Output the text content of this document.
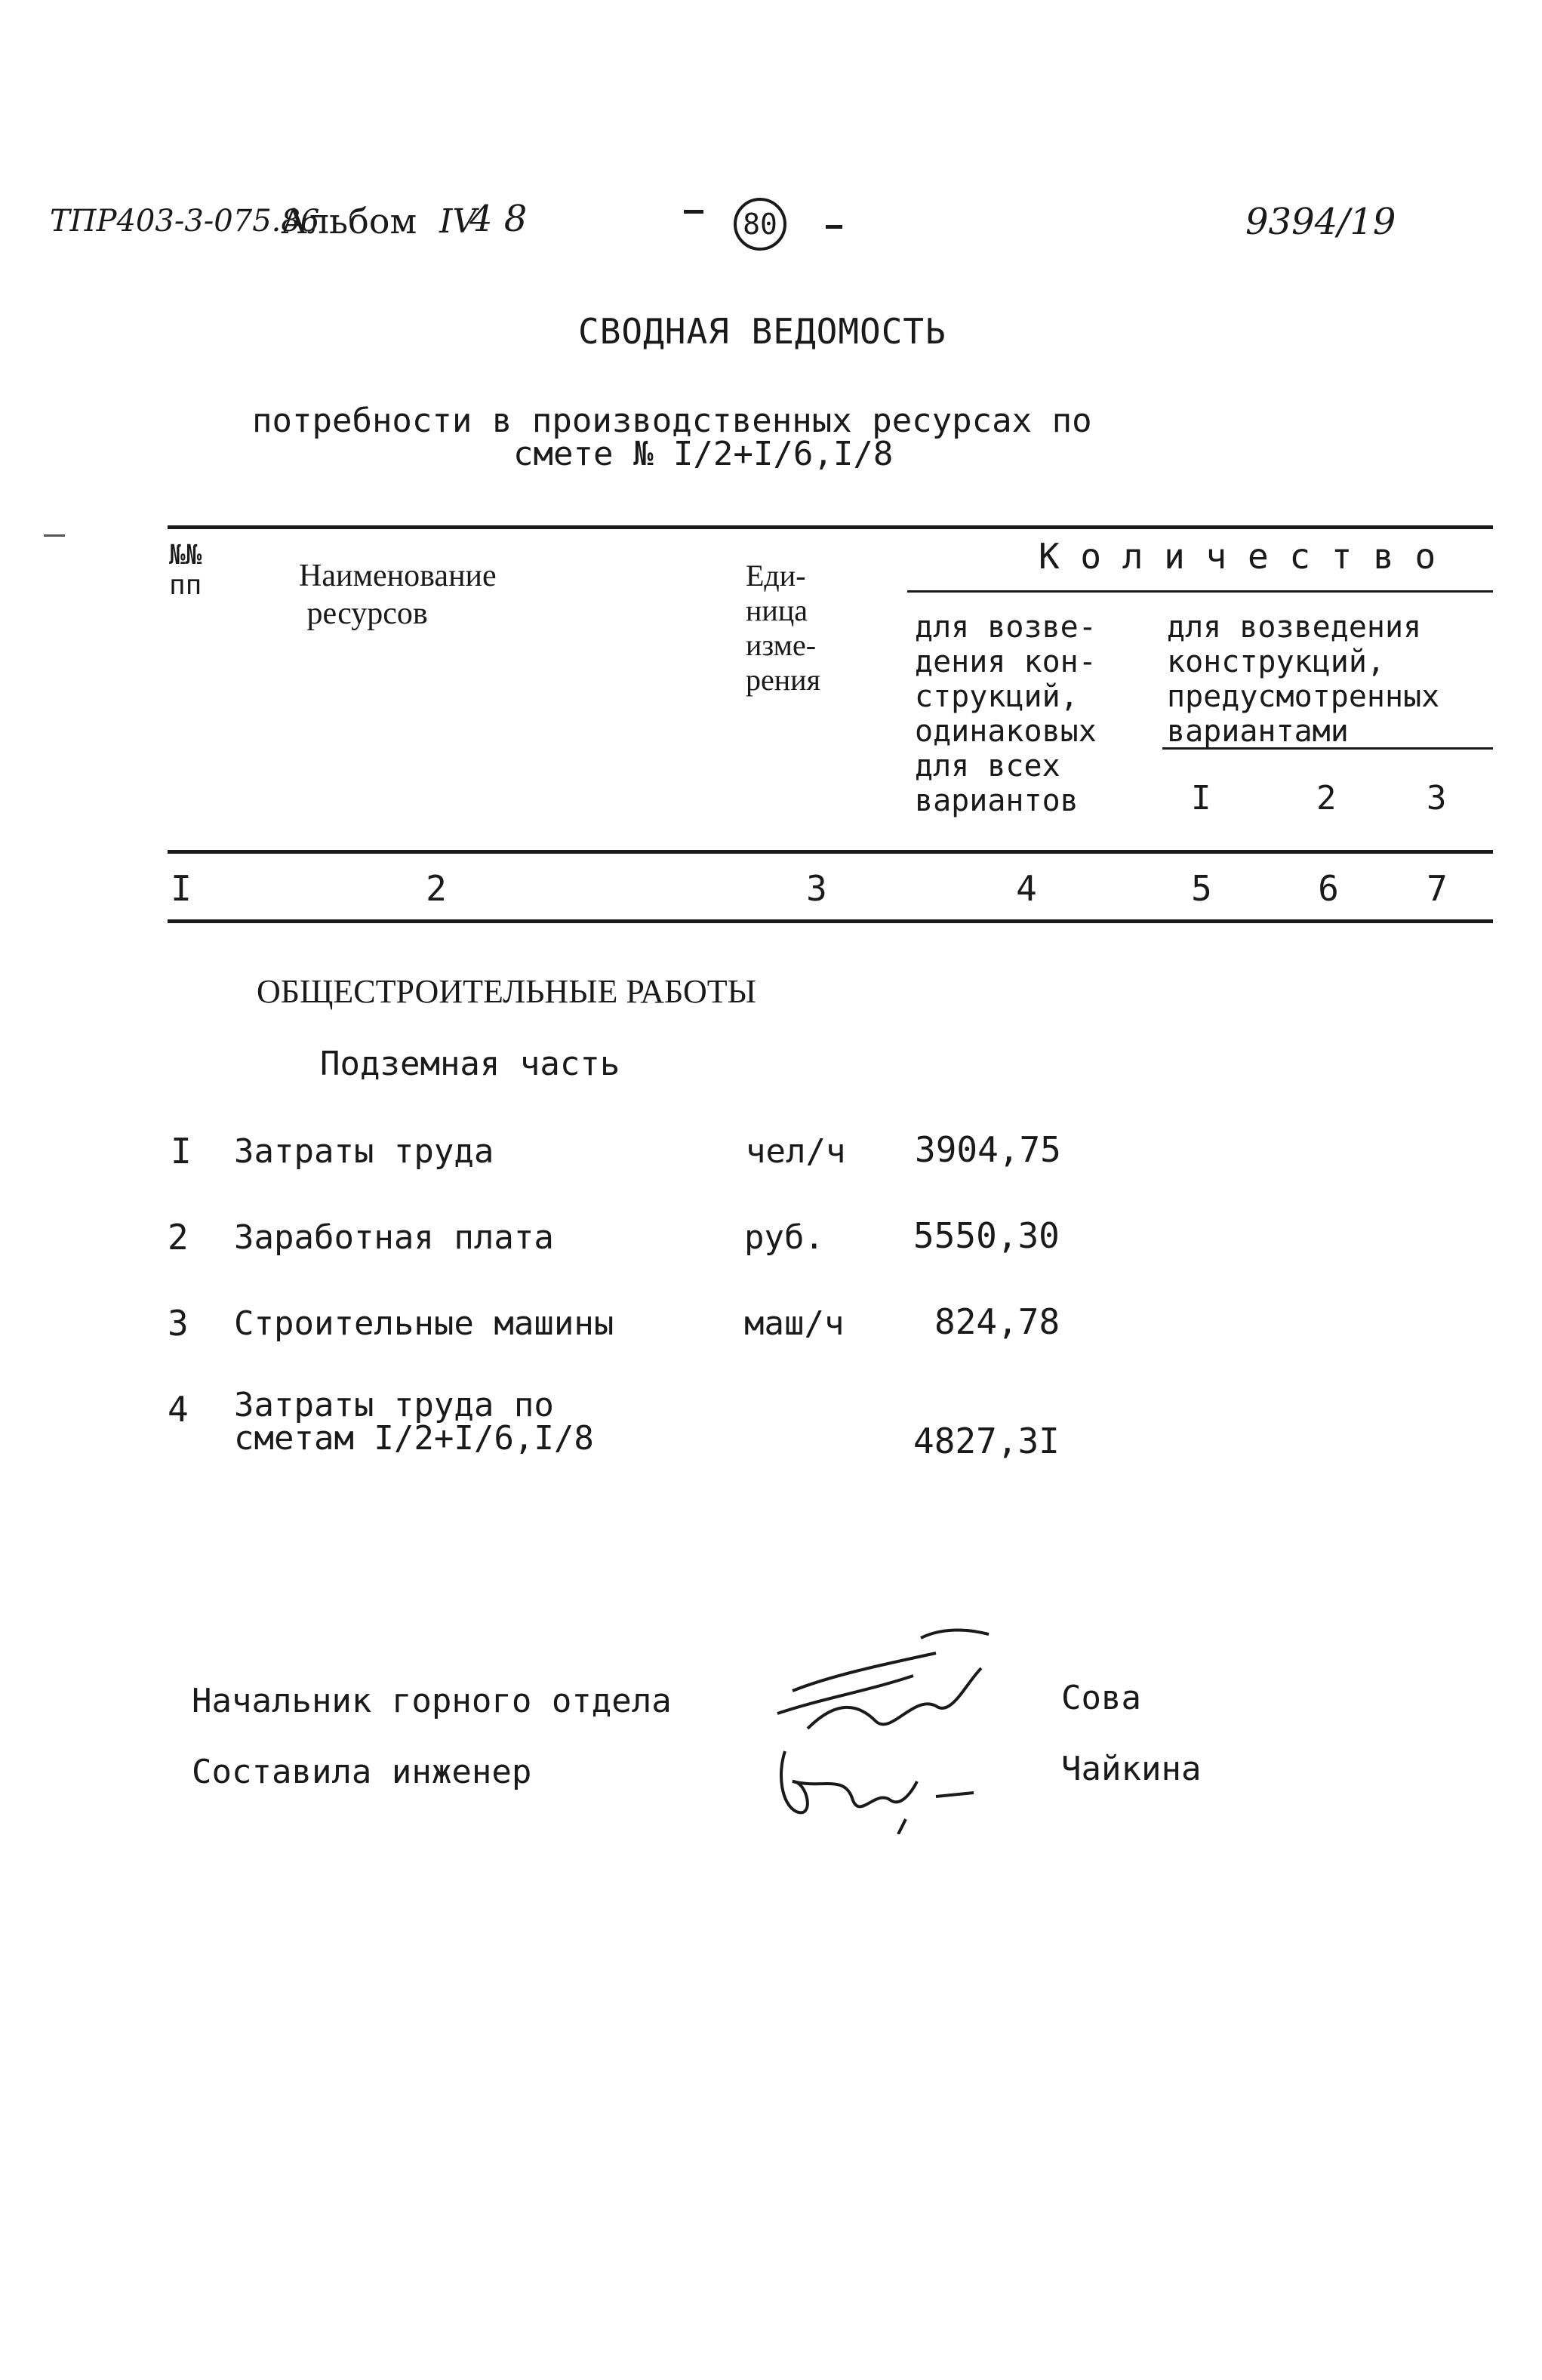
ТПР403-3-075.86
Альбом IV
4 8	80	9394/19
СВОДНАЯ ВЕДОМОСТЬ
потребности в производственных ресурсах по
смете № I/2+I/6,I/8
№№
пп	Наименование
ресурсов
Еди-
ница
изме-
рения
К о л и ч е с т в о
для возве-
дения кон-
струкций,
одинаковых
для всех
вариантов
для возведения
конструкций,
предусмотренных
вариантами
I	2	3
I	2	3	4	5	6	7
ОБЩЕСТРОИТЕЛЬНЫЕ РАБОТЫ
Подземная часть
I Затраты труда	чел/ч 3904,75
2 Заработная плата	руб.	5550,30
3 Строительные машины	маш/ч	824,78
4 Затраты труда по
сметам I/2+I/6,I/8	4827,3I
Начальник горного отдела	Сова
Составила инженер	Чайкина
